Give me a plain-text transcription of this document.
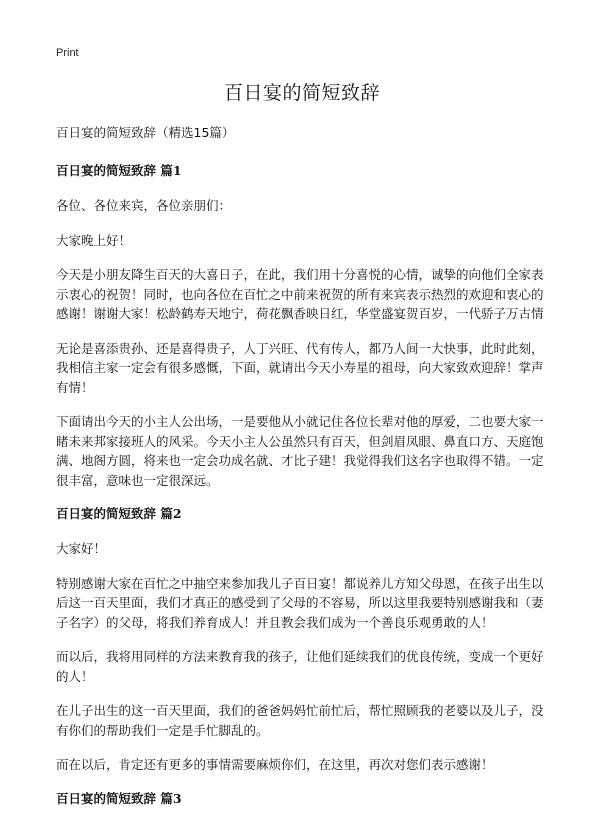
Print
百日宴的简短致辞
百日宴的简短致辞（精选15篇）
百日宴的简短致辞 篇1

各位、各位来宾，各位亲朋们：

大家晚上好！

今天是小朋友降生百天的大喜日子，在此，我们用十分喜悦的心情，诚挚的向他们全家表示衷心的祝贺！同时，也向各位在百忙之中前来祝贺的所有来宾表示热烈的欢迎和衷心的感谢！谢谢大家！松龄鹤寿天地宁，荷花飘香映日红，华堂盛宴贺百岁，一代骄子万古情

无论是喜添贵孙、还是喜得贵子，人丁兴旺、代有传人，都乃人间一大快事，此时此刻，我相信主家一定会有很多感慨，下面，就请出今天小寿星的祖母，向大家致欢迎辞！掌声有情！

下面请出今天的小主人公出场，一是要他从小就记住各位长辈对他的厚爱，二也要大家一睹未来邦家接班人的风采。今天小主人公虽然只有百天，但剑眉凤眼、鼻直口方、天庭饱满、地阁方圆，将来也一定会功成名就、才比子建！我觉得我们这名字也取得不错。一定很丰富，意味也一定很深远。

百日宴的简短致辞 篇2

大家好！

特别感谢大家在百忙之中抽空来参加我儿子百日宴！都说养儿方知父母恩，在孩子出生以后这一百天里面，我们才真正的感受到了父母的不容易，所以这里我要特别感谢我和（妻子名字）的父母，将我们养育成人！并且教会我们成为一个善良乐观勇敢的人！

而以后，我将用同样的方法来教育我的孩子，让他们延续我们的优良传统，变成一个更好的人！

在儿子出生的这一百天里面，我们的爸爸妈妈忙前忙后，帮忙照顾我的老婆以及儿子，没有你们的帮助我们一定是手忙脚乱的。

而在以后，肯定还有更多的事情需要麻烦你们，在这里，再次对您们表示感谢！

百日宴的简短致辞 篇3
